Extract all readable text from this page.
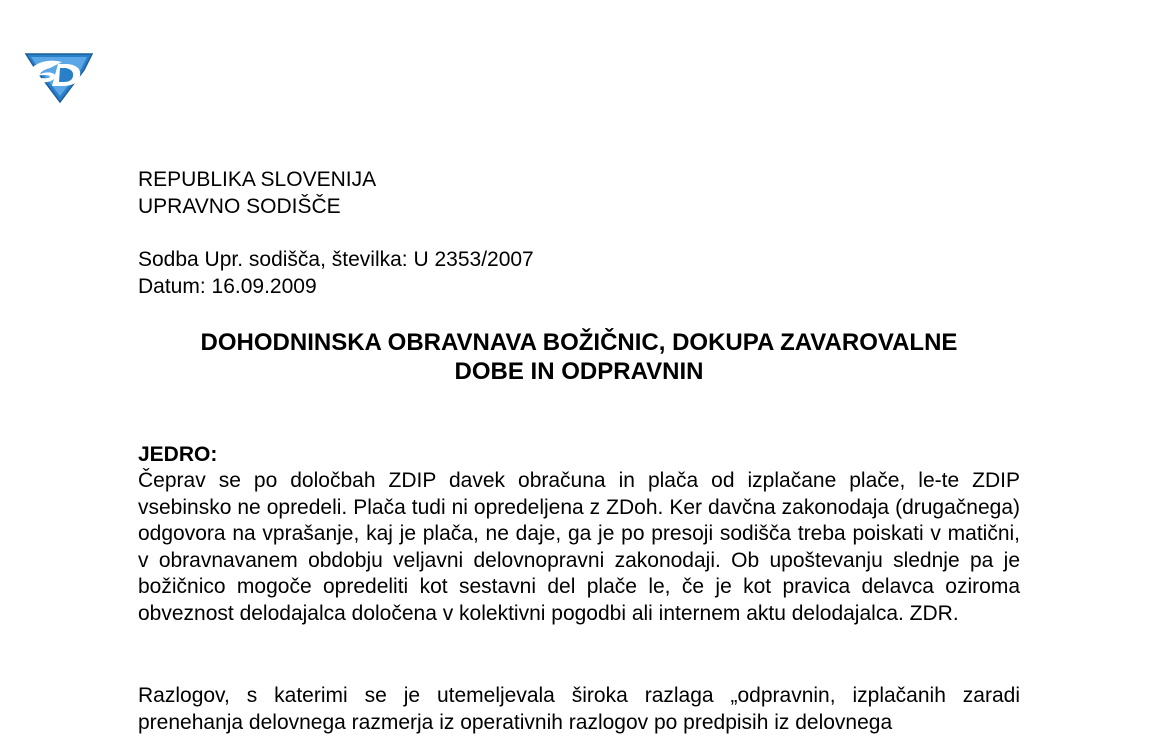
REPUBLIKA SLOVENIJA
UPRAVNO SODIŠČE
Sodba Upr. sodišča, številka: U 2353/2007
Datum: 16.09.2009
DOHODNINSKA OBRAVNAVA BOŽIČNIC, DOKUPA ZAVAROVALNE
DOBE IN ODPRAVNIN
JEDRO:

Čeprav se po določbah ZDIP davek obračuna in plača od izplačane plače, le-te ZDIP vsebinsko ne opredeli. Plača tudi ni opredeljena z ZDoh. Ker davčna zakonodaja (drugačnega) odgovora na vprašanje, kaj je plača, ne daje, ga je po presoji sodišča treba poiskati v matični, v obravnavanem obdobju veljavni delovnopravni zakonodaji. Ob upoštevanju slednje pa je božičnico mogoče opredeliti kot sestavni del plače le, če je kot pravica delavca oziroma obveznost delodajalca določena v kolektivni pogodbi ali internem aktu delodajalca. ZDR.

Razlogov, s katerimi se je utemeljevala široka razlaga „odpravnin, izplačanih zaradi prenehanja delovnega razmerja iz operativnih razlogov po predpisih iz delovnega
